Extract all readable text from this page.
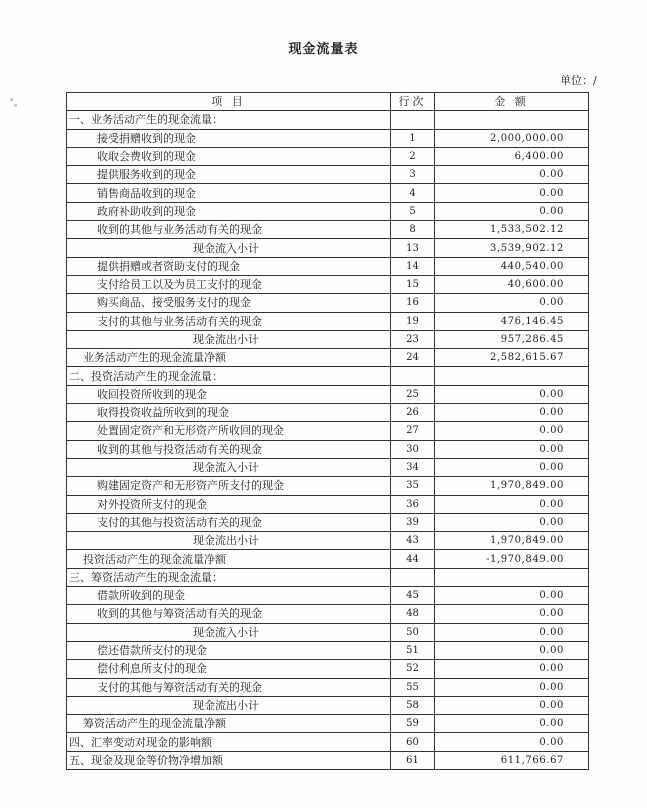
现金流量表
单位：/
项 目	行次	金 额
一、业务活动产生的现金流量：		
接受捐赠收到的现金	1	2,000,000.00
收取会费收到的现金	2	6,400.00
提供服务收到的现金	3	0.00
销售商品收到的现金	4	0.00
政府补助收到的现金	5	0.00
收到的其他与业务活动有关的现金	8	1,533,502.12
现金流入小计	13	3,539,902.12
提供捐赠或者资助支付的现金	14	440,540.00
支付给员工以及为员工支付的现金	15	40,600.00
购买商品、接受服务支付的现金	16	0.00
支付的其他与业务活动有关的现金	19	476,146.45
现金流出小计	23	957,286.45
业务活动产生的现金流量净额	24	2,582,615.67
二、投资活动产生的现金流量：		
收回投资所收到的现金	25	0.00
取得投资收益所收到的现金	26	0.00
处置固定资产和无形资产所收回的现金	27	0.00
收到的其他与投资活动有关的现金	30	0.00
现金流入小计	34	0.00
购建固定资产和无形资产所支付的现金	35	1,970,849.00
对外投资所支付的现金	36	0.00
支付的其他与投资活动有关的现金	39	0.00
现金流出小计	43	1,970,849.00
投资活动产生的现金流量净额	44	-1,970,849.00
三、筹资活动产生的现金流量：		
借款所收到的现金	45	0.00
收到的其他与筹资活动有关的现金	48	0.00
现金流入小计	50	0.00
偿还借款所支付的现金	51	0.00
偿付利息所支付的现金	52	0.00
支付的其他与筹资活动有关的现金	55	0.00
现金流出小计	58	0.00
筹资活动产生的现金流量净额	59	0.00
四、汇率变动对现金的影响额	60	0.00
五、现金及现金等价物净增加额	61	611,766.67
